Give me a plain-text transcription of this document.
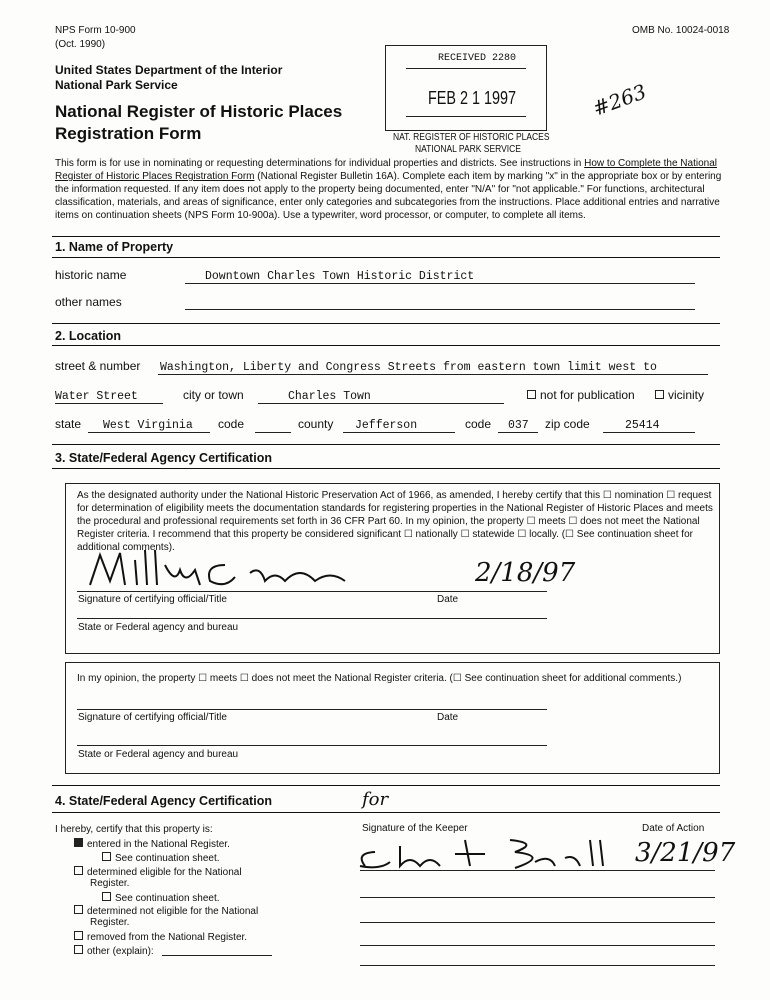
NPS Form 10-900
(Oct. 1990)
OMB No. 10024-0018
United States Department of the Interior
National Park Service
National Register of Historic Places
Registration Form
RECEIVED 2280
FEB 2 1 1997
NAT. REGISTER OF HISTORIC PLACES
NATIONAL PARK SERVICE
#263
This form is for use in nominating or requesting determinations for individual properties and districts. See instructions in How to Complete the National Register of Historic Places Registration Form (National Register Bulletin 16A). Complete each item by marking "x" in the appropriate box or by entering the information requested. If any item does not apply to the property being documented, enter "N/A" for "not applicable." For functions, architectural classification, materials, and areas of significance, enter only categories and subcategories from the instructions. Place additional entries and narrative items on continuation sheets (NPS Form 10-900a). Use a typewriter, word processor, or computer, to complete all items.
1. Name of Property
historic name	Downtown Charles Town Historic District
other names
2. Location
street & number Washington, Liberty and Congress Streets from eastern town limit west to
Water Street	city or town	Charles Town	not for publication	vicinity
state West Virginia code	county Jefferson	code 037 zip code	25414
3. State/Federal Agency Certification
As the designated authority under the National Historic Preservation Act of 1966, as amended, I hereby certify that this ☐ nomination ☐ request for determination of eligibility meets the documentation standards for registering properties in the National Register of Historic Places and meets the procedural and professional requirements set forth in 36 CFR Part 60. In my opinion, the property ☐ meets ☐ does not meet the National Register criteria. I recommend that this property be considered significant ☐ nationally ☐ statewide ☐ locally. (☐ See continuation sheet for additional comments).
2/18/97
Signature of certifying official/Title	Date
State or Federal agency and bureau
In my opinion, the property ☐ meets ☐ does not meet the National Register criteria. (☐ See continuation sheet for additional comments.)
Signature of certifying official/Title	Date
State or Federal agency and bureau
4. State/Federal Agency Certification
I hereby, certify that this property is:
entered in the National Register.
See continuation sheet.
determined eligible for the National
Register.
See continuation sheet.
determined not eligible for the National
Register.
removed from the National Register.
other (explain):
for
Signature of the Keeper	Date of Action
3/21/97
